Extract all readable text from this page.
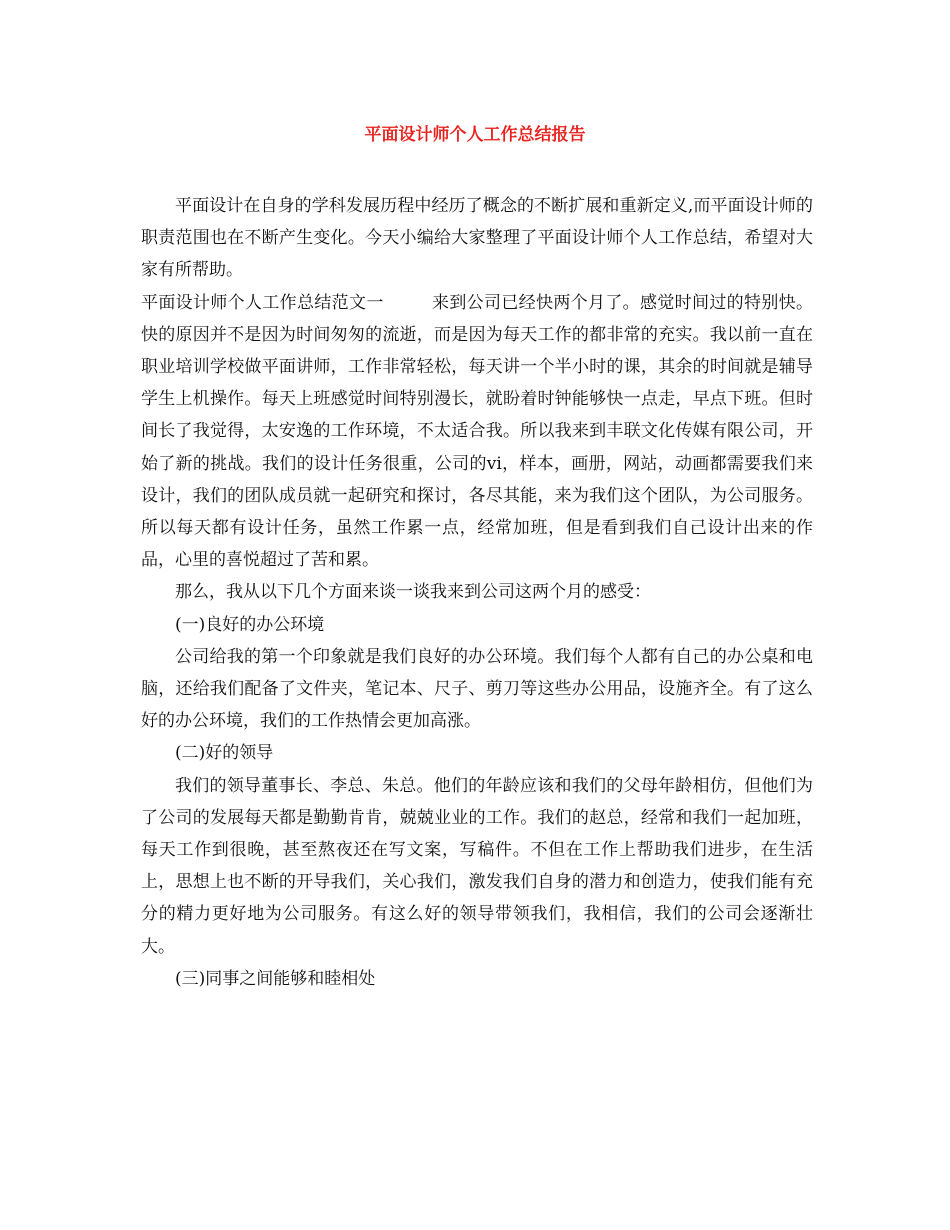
平面设计师个人工作总结报告

平面设计在自身的学科发展历程中经历了概念的不断扩展和重新定义,而平面设计师的职责范围也在不断产生变化。今天小编给大家整理了平面设计师个人工作总结，希望对大家有所帮助。

平面设计师个人工作总结范文一	来到公司已经快两个月了。感觉时间过的特别快。快的原因并不是因为时间匆匆的流逝，而是因为每天工作的都非常的充实。我以前一直在职业培训学校做平面讲师，工作非常轻松，每天讲一个半小时的课，其余的时间就是辅导学生上机操作。每天上班感觉时间特别漫长，就盼着时钟能够快一点走，早点下班。但时间长了我觉得，太安逸的工作环境，不太适合我。所以我来到丰联文化传媒有限公司，开始了新的挑战。我们的设计任务很重，公司的vi，样本，画册，网站，动画都需要我们来设计，我们的团队成员就一起研究和探讨，各尽其能，来为我们这个团队，为公司服务。所以每天都有设计任务，虽然工作累一点，经常加班，但是看到我们自己设计出来的作品，心里的喜悦超过了苦和累。

那么，我从以下几个方面来谈一谈我来到公司这两个月的感受：

(一)良好的办公环境

公司给我的第一个印象就是我们良好的办公环境。我们每个人都有自己的办公桌和电脑，还给我们配备了文件夹，笔记本、尺子、剪刀等这些办公用品，设施齐全。有了这么好的办公环境，我们的工作热情会更加高涨。

(二)好的领导

我们的领导董事长、李总、朱总。他们的年龄应该和我们的父母年龄相仿，但他们为了公司的发展每天都是勤勤肯肯，兢兢业业的工作。我们的赵总，经常和我们一起加班，每天工作到很晚，甚至熬夜还在写文案，写稿件。不但在工作上帮助我们进步，在生活上，思想上也不断的开导我们，关心我们，激发我们自身的潜力和创造力，使我们能有充分的精力更好地为公司服务。有这么好的领导带领我们，我相信，我们的公司会逐渐壮大。

(三)同事之间能够和睦相处
